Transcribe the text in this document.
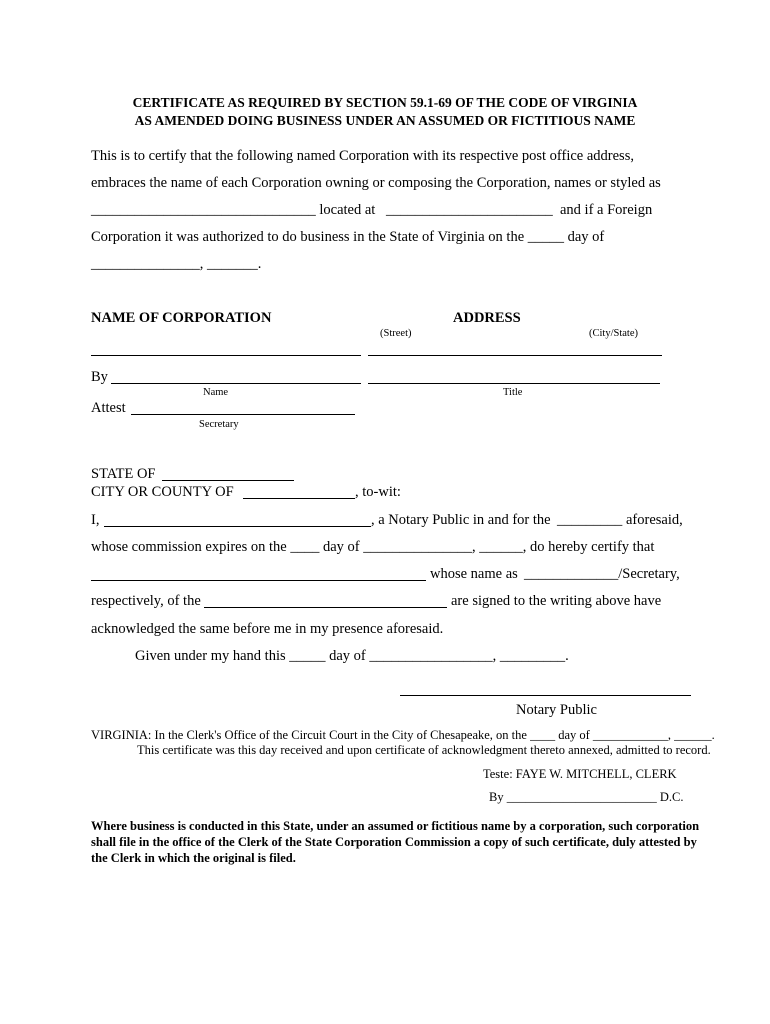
CERTIFICATE AS REQUIRED BY SECTION 59.1-69 OF THE CODE OF VIRGINIA
AS AMENDED DOING BUSINESS UNDER AN ASSUMED OR FICTITIOUS NAME
This is to certify that the following named Corporation with its respective post office address,
embraces the name of each Corporation owning or composing the Corporation, names or styled as
_______________________________ located at _______________________ and if a Foreign
Corporation it was authorized to do business in the State of Virginia on the _____ day of
_______________, _______.
NAME OF CORPORATION	ADDRESS
(Street)	(City/State)
By
Name	Title
Attest
Secretary
STATE OF
CITY OR COUNTY OF	, to-wit:
I,	, a Notary Public in and for the _________ aforesaid,
whose commission expires on the ____ day of _______________, ______, do hereby certify that
whose name as _____________/Secretary,
respectively, of the	are signed to the writing above have
acknowledged the same before me in my presence aforesaid.
Given under my hand this _____ day of _________________, _________.
Notary Public
VIRGINIA: In the Clerk's Office of the Circuit Court in the City of Chesapeake, on the ____ day of ____________, ______.
This certificate was this day received and upon certificate of acknowledgment thereto annexed, admitted to record.
Teste: FAYE W. MITCHELL, CLERK
By ________________________ D.C.
Where business is conducted in this State, under an assumed or fictitious name by a corporation, such corporation
shall file in the office of the Clerk of the State Corporation Commission a copy of such certificate, duly attested by
the Clerk in which the original is filed.
